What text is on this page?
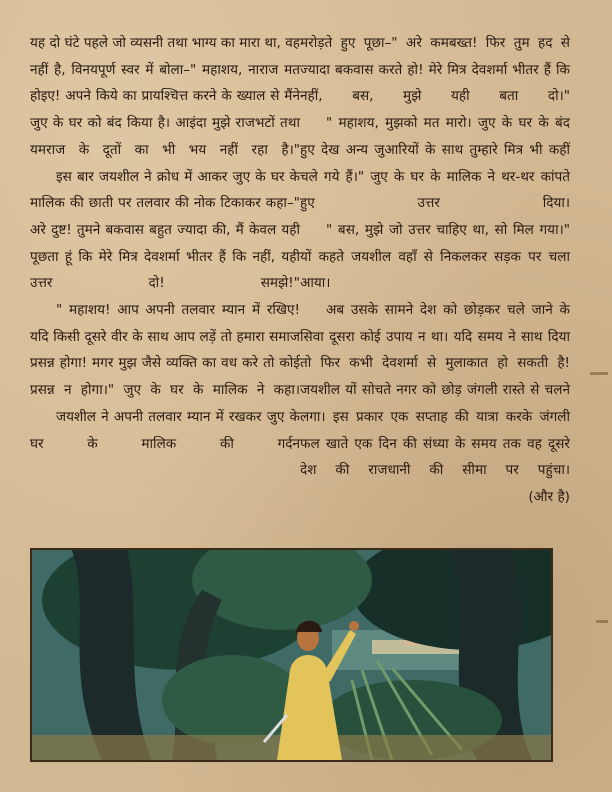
यह दो घंटे पहले जो व्यसनी तथा भाग्य का मारा था, वह नहीं है, विनयपूर्ण स्वर में बोला–" महाशय, नाराज मत होइए! अपने किये का प्रायश्चित्त करने के ख्याल से मैंने जुए के घर को बंद किया है। आइंदा मुझे राजभटों तथा यमराज के दूतों का भी भय नहीं रहा है।"

इस बार जयशील ने क्रोध में आकर जुए के घर के मालिक की छाती पर तलवार की नोक टिकाकर कहा–" अरे दुष्ट! तुमने बकवास बहुत ज्यादा की, मैं केवल यही पूछता हूं कि मेरे मित्र देवशर्मा भीतर हैं कि नहीं, यही उत्तर दो! समझे!"

" महाशय! आप अपनी तलवार म्यान में रखिए! यदि किसी दूसरे वीर के साथ आप लड़ें तो हमारा समाज प्रसन्न होगा! मगर मुझ जैसे व्यक्ति का वध करे तो कोई प्रसन्न न होगा।" जुए के घर के मालिक ने कहा।

जयशील ने अपनी तलवार म्यान में रखकर जुए के घर के मालिक की गर्दन

मरोड़ते हुए पूछा–" अरे कमबख्त! फिर तुम हद से ज्यादा बकवास करते हो! मेरे मित्र देवशर्मा भीतर हैं कि नहीं, बस, मुझे यही बता दो।"

" महाशय, मुझको मत मारो। जुए के घर के बंद हुए देख अन्य जुआरियों के साथ तुम्हारे मित्र भी कहीं चले गये हैं।" जुए के घर के मालिक ने थर-थर कांपते हुए उत्तर दिया।

" बस, मुझे जो उत्तर चाहिए था, सो मिल गया।" यों कहते जयशील वहाँ से निकलकर सड़क पर चला आया।

अब उसके सामने देश को छोड़कर चले जाने के सिवा दूसरा कोई उपाय न था। यदि समय ने साथ दिया तो फिर कभी देवशर्मा से मुलाकात हो सकती है! जयशील यों सोचते नगर को छोड़ जंगली रास्ते से चलने लगा। इस प्रकार एक सप्ताह की यात्रा करके जंगली फल खाते एक दिन की संध्या के समय तक वह दूसरे देश की राजधानी की सीमा पर पहुंचा।

(और है)
